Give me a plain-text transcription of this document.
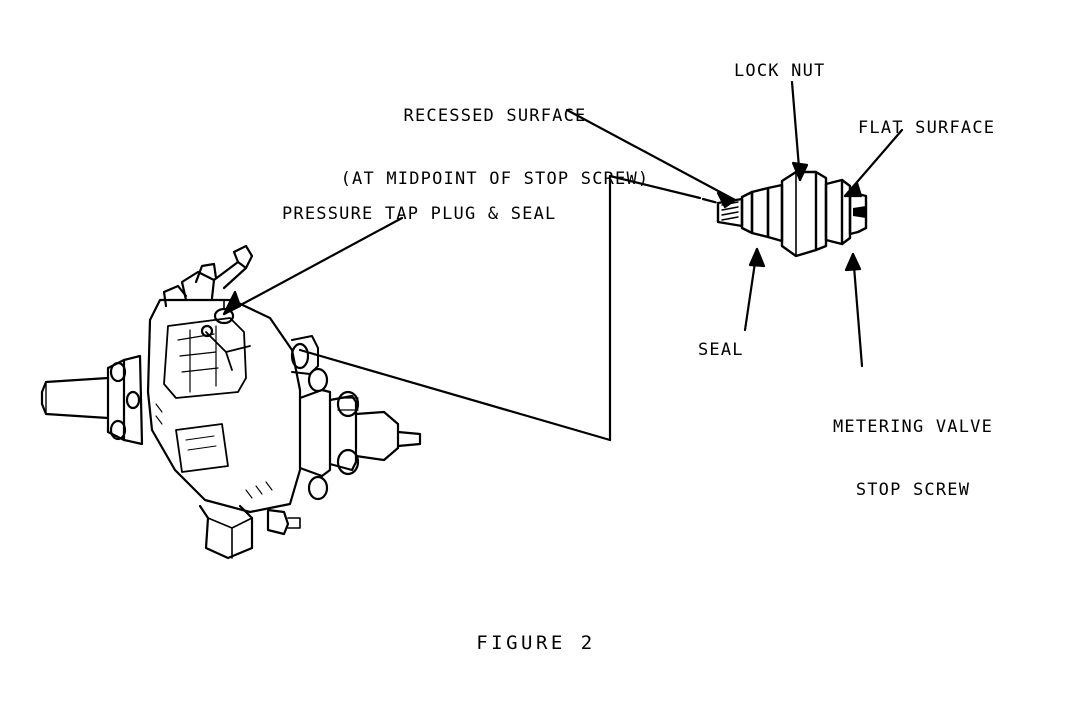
RECESSED SURFACE

(AT MIDPOINT OF STOP SCREW)

LOCK NUT
FLAT SURFACE
PRESSURE TAP PLUG & SEAL
SEAL

METERING VALVE

STOP SCREW

FIGURE 2
